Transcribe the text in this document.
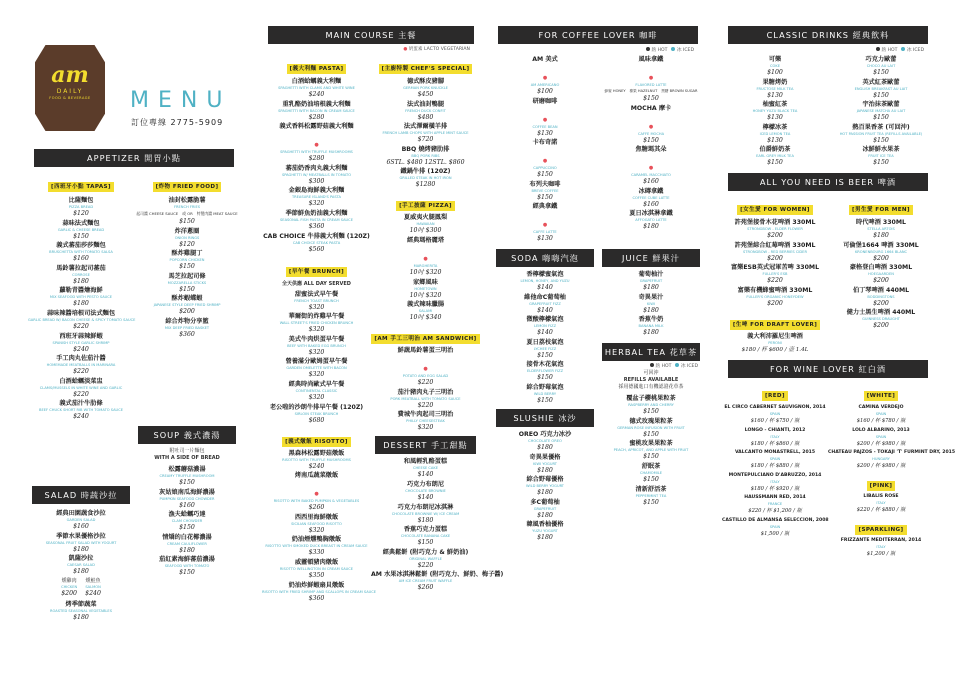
am
DAILY
FOOD & BEVERAGE	MENU
訂位專線 2775-5909
APPETIZER 開胃小點
[西班牙小點 TAPAS]
比薩麵包
PIZZA BREAD
$120
蒜味法式麵包
GARLIC & CHEESE BREAD
$150
義式蕃茄莎莎麵包
BRUSCHETTA WITH TOMATO SALSA
$160
馬鈴薯拉起司蕃茄
CORROSE
$180
蘿勒青醬燴海鮮
MIX SEAFOOD WITH PESTO SAUCE
$180
蒜味辣醬培根司法式麵包
GARLIC BREAD W/ BACON CHEESE & SPICY TOMATO SAUCE
$220
西班牙蒜辣鮮蝦
SPANISH STYLE GARLIC SHRIMP
$240
手工肉丸佐茄汁醬
HOMEMADE MEATBALLS IN MARINARA
$220
白酒蛤蠣淡菜盅
CLAMS/MUSSELS IN WHITE WINE AND GARLIC
$220
義式茄汁牛肋條
BEEF CHUCK SHORT RIB WITH TOMATO SAUCE
$240
[炸物 FRIED FOOD]
油封松露脆薯
FRENCH FRIES
起司醬 CHEESE SAUCE 或 OR 特製肉醬 MEAT SAUCE
$150
炸洋蔥圈
ONION RINGS
$120
酥炸雞腿丁
POPCORN CHICKEN
$150
馬芝拉起司條
MOZZARELLA STICKS
$150
酥炸蝦蝶蝦
JAPANESE STYLE DEEP FRIED SHRIMP
$200
綜合炸物分享籃
MIX DEEP FRIED BASKET
$360
SOUP 義式濃湯
附吐司一片麵包
WITH A SIDE OF BREAD
松露蘑菇濃湯
CREAMY TRUFFLE MUSHROOM
$150
灰姑娘南瓜海鮮濃湯
PUMPKIN SEAFOOD CHOWDER
$160
漁夫蛤蠣巧達
CLAM CHOWDER
$150
情矯的白花椰濃湯
CREAM CAULIFLOWER
$180
茄紅素海鮮蕃茄濃湯
SEAFOOD WITH TOMATO
$150
SALAD 時蔬沙拉
經典田園蔬食沙拉
GARDEN SALAD
$160
季節水果優格沙拉
SEASONAL FRUIT SALAD WITH YOGURT
$180
凱薩沙拉
CAESAR SALAD
$180
燻雞肉
CHICKEN
$200
燻鮭魚
SALMON
$240
烤季節蔬菜
ROASTED SEASONAL VEGETABLES
$180
MAIN COURSE 主餐
● 奶蛋素 LACTO VEGETARIAN
[義大利麵 PASTA]
白酒蛤蠣義大利麵
SPAGHETTI WITH CLAMS AND WHITE WINE
$240
重乳酪奶油培根義大利麵
SPAGHETTI WITH BACON IN CREAM SAUCE
$280
義式香料松露野菇義大利麵
●
SPAGHETTI WITH TRUFFLE MUSHROOMS
$280
蕃茄奶香肉丸義大利麵
SPAGHETTI W/ MEATBALLS IN TOMATO
$300
金銀島海鮮義大利麵
TREASURE ISLAND'S PASTA
$320
季節鮮魚奶油義大利麵
SEASONAL FISH PASTA IN CREAM SAUCE
$360
CAB CHOICE 牛排義大利麵 (120Z)
CAB CHOICE STEAK PASTA
$560
[早午餐 BRUNCH]
全天供應 ALL DAY SERVED
甜蜜法式早午餐
FRENCH TOAST BRUNCH
$320
華爾街的炸雞早午餐
WALL STREET'S FRIED CHICKEN BRUNCH
$320
美式牛肉烘蛋早午餐
BEEF WITH BAKED EGG BRUNCH
$320
營養滿分歐姆蛋早午餐
GARDEN OMELETTE WITH BACON
$320
經典時尚歐式早午餐
CONTINENTAL CLASSIC
$320
老公啦的沙朗牛排早午餐 (120Z)
SIRLOIN STEAK BRUNCH
$680
[義式燉飯 RISOTTO]
黑森林松露野菇燉飯
RISOTTO WITH TRUFFLE MUSHROOMS
$240
烤南瓜蔬菜燉飯
●
RISOTTO WITH BAKED PUMPKIN & VEGETABLES
$260
西西里海鮮燉飯
SICILIAN SEAFOOD RISOTTO
$320
奶油煙燻鴨胸燉飯
RISOTTO WITH SMOKED DUCK BREAST IN CREAM SAUCE
$330
威靈頓豬肉燉飯
RISOTTO WELLINGTON IN CREAM SAUCE
$350
奶油炸鮮蝦扇貝燉飯
RISOTTO WITH FRIED SHRIMP AND SCALLOPS IN CREAM SAUCE
$360
[主廚特製 CHEF'S SPECIAL]
德式酥皮豬腳
GERMAN PORK KNUCKLE
$450
法式油封鴨腿
FRENCH DUCK CONFIT
$480
法式澤爾橫羊排
FRENCH LAMB CHOPS WITH APPLE MINT SAUCE
$720
BBQ 燒烤豬肋排
BBQ PORK RIBS
6STL. $480 12STL. $860
鐵鍋牛排 (120Z)
GRILLED STEAK IN HOT IRON
$1280
[手工披薩 PIZZA]
夏威夷火腿鳳梨
HAWAIIAN
10吋 $300
經典瑪格麗塔
●
MARGHERITA
10吋 $320
家鄉風味
HOMETOWN
10吋 $320
義式辣味臘腸
SALAMI
10吋 $340
[AM 手工三明治 AM SANDWICH]
鮮蔬馬鈴薯蛋三明治
●
POTATO AND EGG SALAD
$220
茄汁豬肉丸子三明治
PORK MEATBALL WITH TOMATO SAUCE
$220
費城牛肉起司三明治
PHILLY CHEESESTEAK
$320
DESSERT 手工甜點
和風輕乳酪蛋糕
CHEESE CAKE
$140
巧克力布朗尼
CHOCOLATE BROWNIE
$140
巧克力布朗尼冰淇淋
CHOCOLATE BROWNIE W/ ICE CREAM
$180
香蕉巧克力蛋糕
CHOCOLATE BANANA CAKE
$150
經典鬆餅 (附巧克力 & 鮮奶油)
ORIGINAL WAFFLE
$220
AM 水果冰淇淋鬆餅 (附巧克力、鮮奶、梅子醬)
AM ICE CREAM FRUIT WAFFLE
$260
FOR COFFEE LOVER 咖啡
熱 HOT 冰 ICED
AM 美式
●
AM AMERICANO
$100
研磨咖啡
●
COFFEE BEAN
$130
卡布奇諾
●
CAPPUCCINO
$150
布列夫咖啡
BREVE COFFEE
$150
經典拿鐵
●
CAFFE LATTE
$130
風味拿鐵
●
FLAVORED LATTE
蜂蜜 HONEY 榛果 HAZELNUT 黑糖 BROWN SUGAR
$150
MOCHA 摩卡
●
CAFFE MOCHA
$150
焦糖瑪其朵
●
CARAMEL MACCHIATO
$160
冰磚拿鐵
COFFEE CUBE LATTE
$160
夏日冰淇淋拿鐵
AFFOGATO LATTE
$180
SODA 嗨嗨汽泡
香檸檬蜜氣泡
LEMON, HONEY, AND YUZU
$140
維他命C葡萄柚
GRAPEFRUIT FIZZ
$140
微酸檸檬氣泡
LEMON FIZZ
$140
夏日荔枝氣泡
LYCHEE FIZZ
$150
接骨木花氣泡
ELDERFLOWER FIZZ
$150
綜合野莓氣泡
WILD BERRY
$150
SLUSHIE 冰沙
OREO 巧克力冰沙
CHOCOLATE OREO
$180
奇異果優格
KIWI YOGURT
$180
綜合野莓優格
WILD BERRY YOGURT
$180
多C葡萄柚
GRAPEFRUIT
$180
韓風香柚優格
YUZU YOGURT
$180
JUICE 鮮果汁
葡萄柚汁
GRAPEFRUIT
$180
奇異果汁
KIWI
$180
香蕉牛奶
BANANA MILK
$180
HERBAL TEA 花草茶
熱 HOT 冰 ICED
可回沖
REFILLS AVAILABLE
採用德國進口有機認證花草茶
覆盆子櫻桃果粒茶
RASPBERRY AND CHERRY
$150
德式玫瑰果粒茶
GERMAN ROSE INFUSION WITH FRUIT
$150
蜜桃玫果果粒茶
PEACH, APRICOT, AND APPLE WITH FRUIT
$150
舒眠茶
CHAMOMILE
$150
清新舒活茶
PEPPERMINT TEA
$150
CLASSIC DRINKS 經典飲料
熱 HOT 冰 ICED
可樂
COKE
$100
果糖烤奶
FRUCTOSE MILK TEA
$130
柚蜜紅茶
HONEY YUZU BLACK TEA
$130
檸檬冰茶
ICED LEMON TEA
$130
伯爵鮮奶茶
EARL GREY MILK TEA
$150
巧克力歐蕾
CHOCO AU LAIT
$150
英式紅茶歐蕾
ENGLISH BREAKFAST AU LAIT
$150
宇治抹茶歐蕾
JAPANESE MATCHA AU LAIT
$150
熱百果香茶 (可回沖)
HOT PASSION FRUIT TEA (REFILLS AVAILABLE)
$150
冰鮮鮮水果茶
FRUIT ICE TEA
$150
ALL YOU NEED IS BEER 啤酒
[女生愛 FOR WOMEN]
許苑堡接骨木花啤酒 330ML
STRONGBOW - ELDER FLOWER
$200
許苑堡綜合紅莓啤酒 330ML
STRONGBOW - RED BERRIES CIDER
$200
富樂ESB英式冠軍苦啤 330ML
FULLER'S ESB
$220
富樂有機蜂蜜啤酒 330ML
FULLER'S ORGANIC HONEYDEW
$200
[生啤 FOR DRAFT LOVER]
義大利沛羅尼生啤酒
PERONI
$180 / 杯 $600 / 壺 1.4L
[男生愛 FOR MEN]
時代啤酒 330ML
STELLA ARTOIS
$180
可倫堡1664 啤酒 330ML
KRONENBOURG 1664 BLANC
$200
豪格登白啤酒 330ML
HOEGAARDEN
$200
伯丁琴啤酒 440ML
BODDINGTONS
$200
健力士黑生啤酒 440ML
GUINNESS DRAUGHT
$200
FOR WINE LOVER 紅白酒
[RED]
EL CIRCO CABERNET SAUVIGNON, 2014
SPAIN
$160 / 杯 $750 / 瓶
LONGO - CHIANTI, 2012
ITALY
$180 / 杯 $860 / 瓶
VALCANTO MONASTRELL, 2015
SPAIN
$180 / 杯 $880 / 瓶
MONTEPULCIANO D'ABRUZZO, 2014
ITALY
$180 / 杯 $920 / 瓶
HAUSSMANN RED, 2014
FRANCE
$220 / 杯 $1,200 / 瓶
CASTILLO DE ALMANSA SELECCION, 2008
SPAIN
$1,500 / 瓶
[WHITE]
CAMINA VERDEJO
SPAIN
$160 / 杯 $780 / 瓶
LOLO ALBARINO, 2013
SPAIN
$200 / 杯 $980 / 瓶
CHATEAU PAJZOS - TOKAJI 'T' FURMINT DRY, 2015
HUNGARY
$200 / 杯 $980 / 瓶
[PINK]
LIBALIS ROSE
ITALY
$220 / 杯 $880 / 瓶
[SPARKLING]
FRIZZANTE MEDITERRAN, 2014
ITALY
$1,200 / 瓶
